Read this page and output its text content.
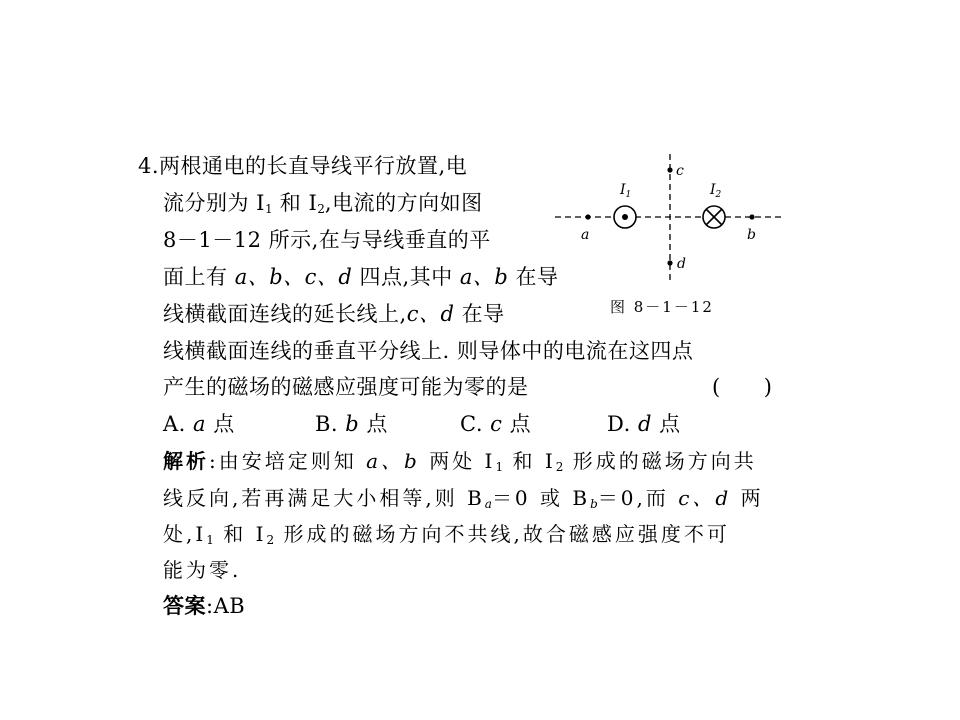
4.两根通电的长直导线平行放置,电
流分别为 $I_1$ 和 $I_2$,电流的方向如图
8－1－12 所示,在与导线垂直的平
面上有 a、b、c、d 四点,其中 a、b 在导
线横截面连线的延长线上,c、d 在导
线横截面连线的垂直平分线上. 则导体中的电流在这四点
产生的磁场的磁感应强度可能为零的是	(　　)
A. a 点	B. b 点	C. c 点	D. d 点
解析:由安培定则知 a、b 两处 $I_1$ 和 $I_2$ 形成的磁场方向共
线反向,若再满足大小相等,则 $B_a=0$ 或 $B_b=0$,而 c、d 两
处$,I_1$ 和 $I_2$ 形成的磁场方向不共线,故合磁感应强度不可
能为零.
答案:AB
c
d
a	b
$I_1$	$I_2$
图 8－1－12
